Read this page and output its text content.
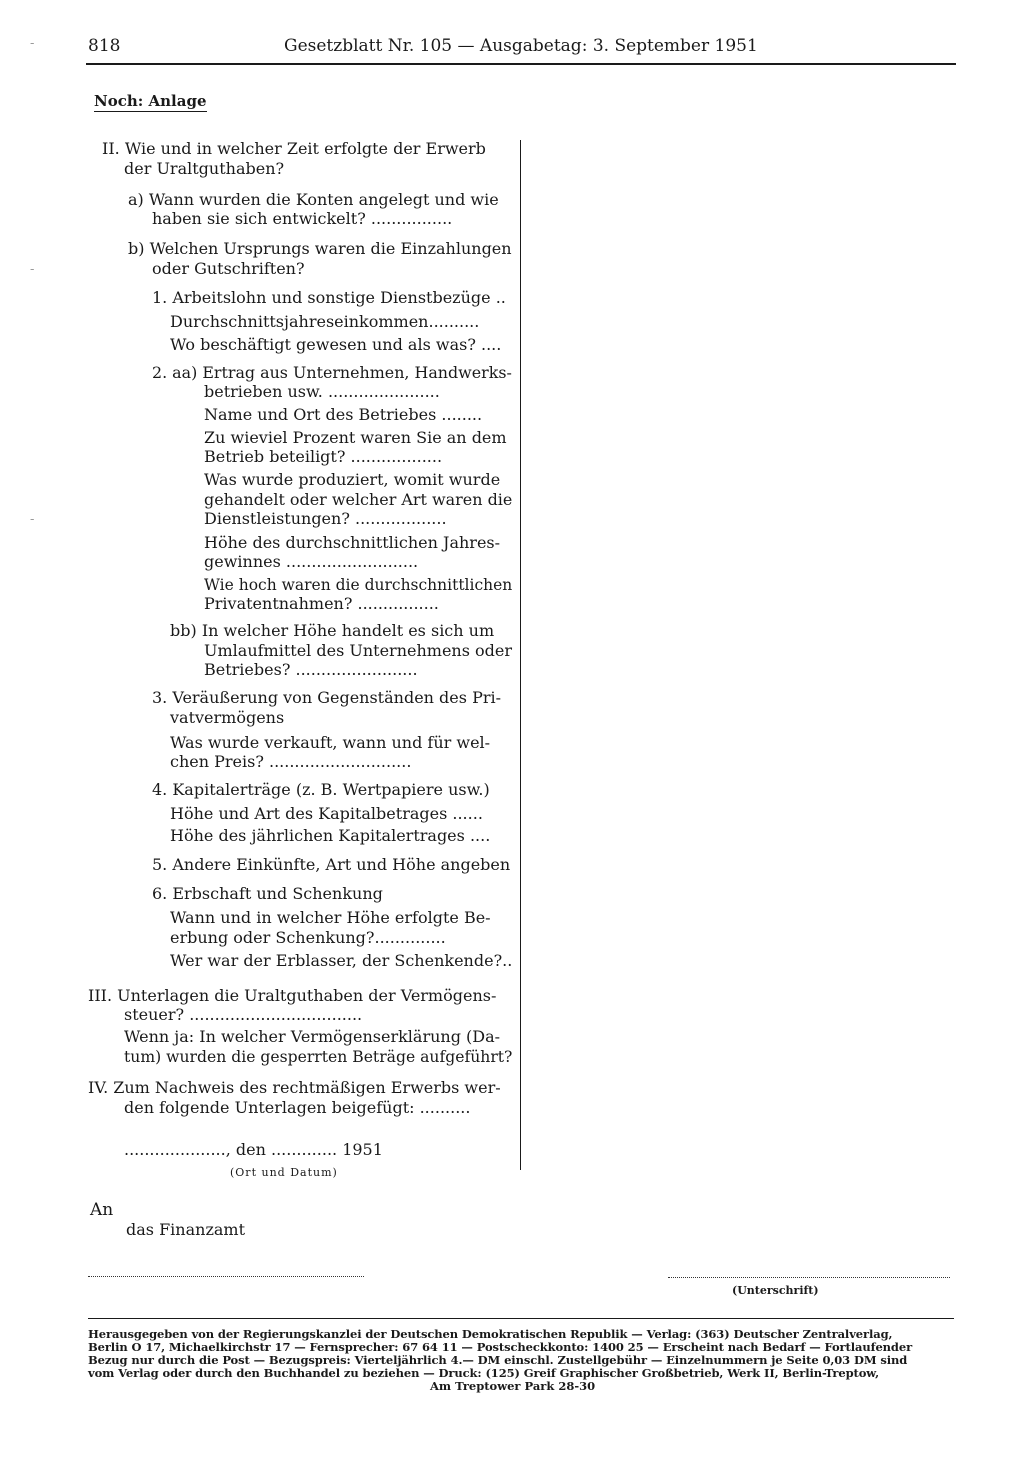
818	Gesetzblatt Nr. 105 — Ausgabetag: 3. September 1951
-
-
-
Noch: Anlage
II. Wie und in welcher Zeit erfolgte der Erwerb
der Uraltguthaben?
a) Wann wurden die Konten angelegt und wie
haben sie sich entwickelt? ................
b) Welchen Ursprungs waren die Einzahlungen
oder Gutschriften?
1. Arbeitslohn und sonstige Dienstbezüge ..
Durchschnittsjahreseinkommen..........
Wo beschäftigt gewesen und als was? ....
2. aa) Ertrag aus Unternehmen, Handwerks-
betrieben usw. ......................
Name und Ort des Betriebes ........
Zu wieviel Prozent waren Sie an dem
Betrieb beteiligt? ..................
Was wurde produziert, womit wurde
gehandelt oder welcher Art waren die
Dienstleistungen? ..................
Höhe des durchschnittlichen Jahres-
gewinnes ..........................
Wie hoch waren die durchschnittlichen
Privatentnahmen? ................
bb) In welcher Höhe handelt es sich um
Umlaufmittel des Unternehmens oder
Betriebes? ........................
3. Veräußerung von Gegenständen des Pri-
vatvermögens
Was wurde verkauft, wann und für wel-
chen Preis? ............................
4. Kapitalerträge (z. B. Wertpapiere usw.)
Höhe und Art des Kapitalbetrages ......
Höhe des jährlichen Kapitalertrages ....
5. Andere Einkünfte, Art und Höhe angeben
6. Erbschaft und Schenkung
Wann und in welcher Höhe erfolgte Be-
erbung oder Schenkung?..............
Wer war der Erblasser, der Schenkende?..
III. Unterlagen die Uraltguthaben der Vermögens-
steuer? ..................................
Wenn ja: In welcher Vermögenserklärung (Da-
tum) wurden die gesperrten Beträge aufgeführt?
IV. Zum Nachweis des rechtmäßigen Erwerbs wer-
den folgende Unterlagen beigefügt: ..........
...................., den ............. 1951
(Ort und Datum)
An
das Finanzamt
(Unterschrift)
Herausgegeben von der Regierungskanzlei der Deutschen Demokratischen Republik — Verlag: (363) Deutscher Zentralverlag,
Berlin O 17, Michaelkirchstr 17 — Fernsprecher: 67 64 11 — Postscheckkonto: 1400 25 — Erscheint nach Bedarf — Fortlaufender
Bezug nur durch die Post — Bezugspreis: Vierteljährlich 4.— DM einschl. Zustellgebühr — Einzelnummern je Seite 0,03 DM sind
vom Verlag oder durch den Buchhandel zu beziehen — Druck: (125) Greif Graphischer Großbetrieb, Werk II, Berlin-Treptow,
Am Treptower Park 28-30
